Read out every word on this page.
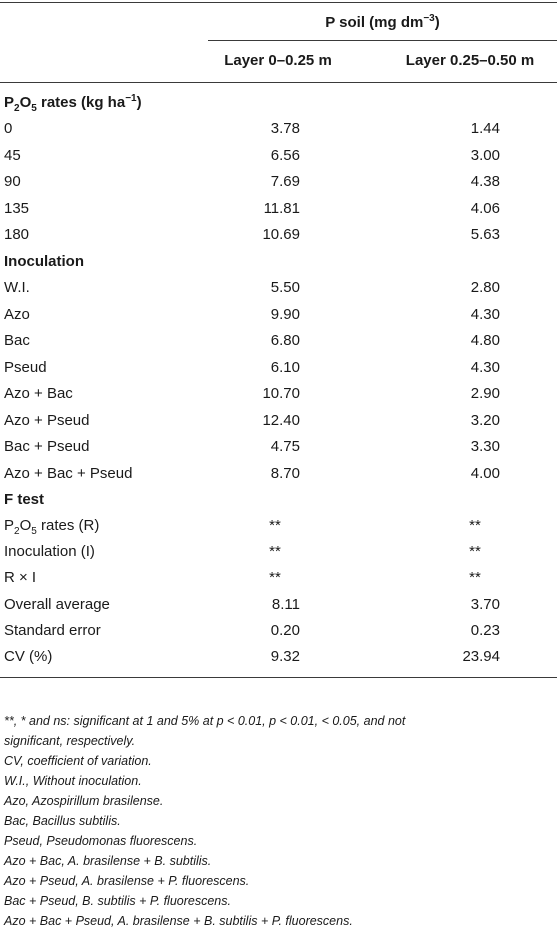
P soil (mg $dm^{-3}$)
Layer 0–0.25 m	Layer 0.25–0.50 m
$P_2O_5$ rates (kg $ha^{-1}$)
0	3.78	1.44
45	6.56	3.00
90	7.69	4.38
135	11.81	4.06
180	10.69	5.63
Inoculation
W.I.	5.50	2.80
Azo	9.90	4.30
Bac	6.80	4.80
Pseud	6.10	4.30
Azo + Bac	10.70	2.90
Azo + Pseud	12.40	3.20
Bac + Pseud	4.75	3.30
Azo + Bac + Pseud	8.70	4.00
F test
$P_2O_5$ rates (R)	**	**
Inoculation (I)	**	**
R × I	**	**
Overall average	8.11	3.70
Standard error	0.20	0.23
CV (%)	9.32	23.94
**, * and ns: significant at 1 and 5% at p < 0.01, p < 0.01, < 0.05, and not
significant, respectively.
CV, coefficient of variation.
W.I., Without inoculation.
Azo, Azospirillum brasilense.
Bac, Bacillus subtilis.
Pseud, Pseudomonas fluorescens.
Azo + Bac, A. brasilense + B. subtilis.
Azo + Pseud, A. brasilense + P. fluorescens.
Bac + Pseud, B. subtilis + P. fluorescens.
Azo + Bac + Pseud, A. brasilense + B. subtilis + P. fluorescens.
